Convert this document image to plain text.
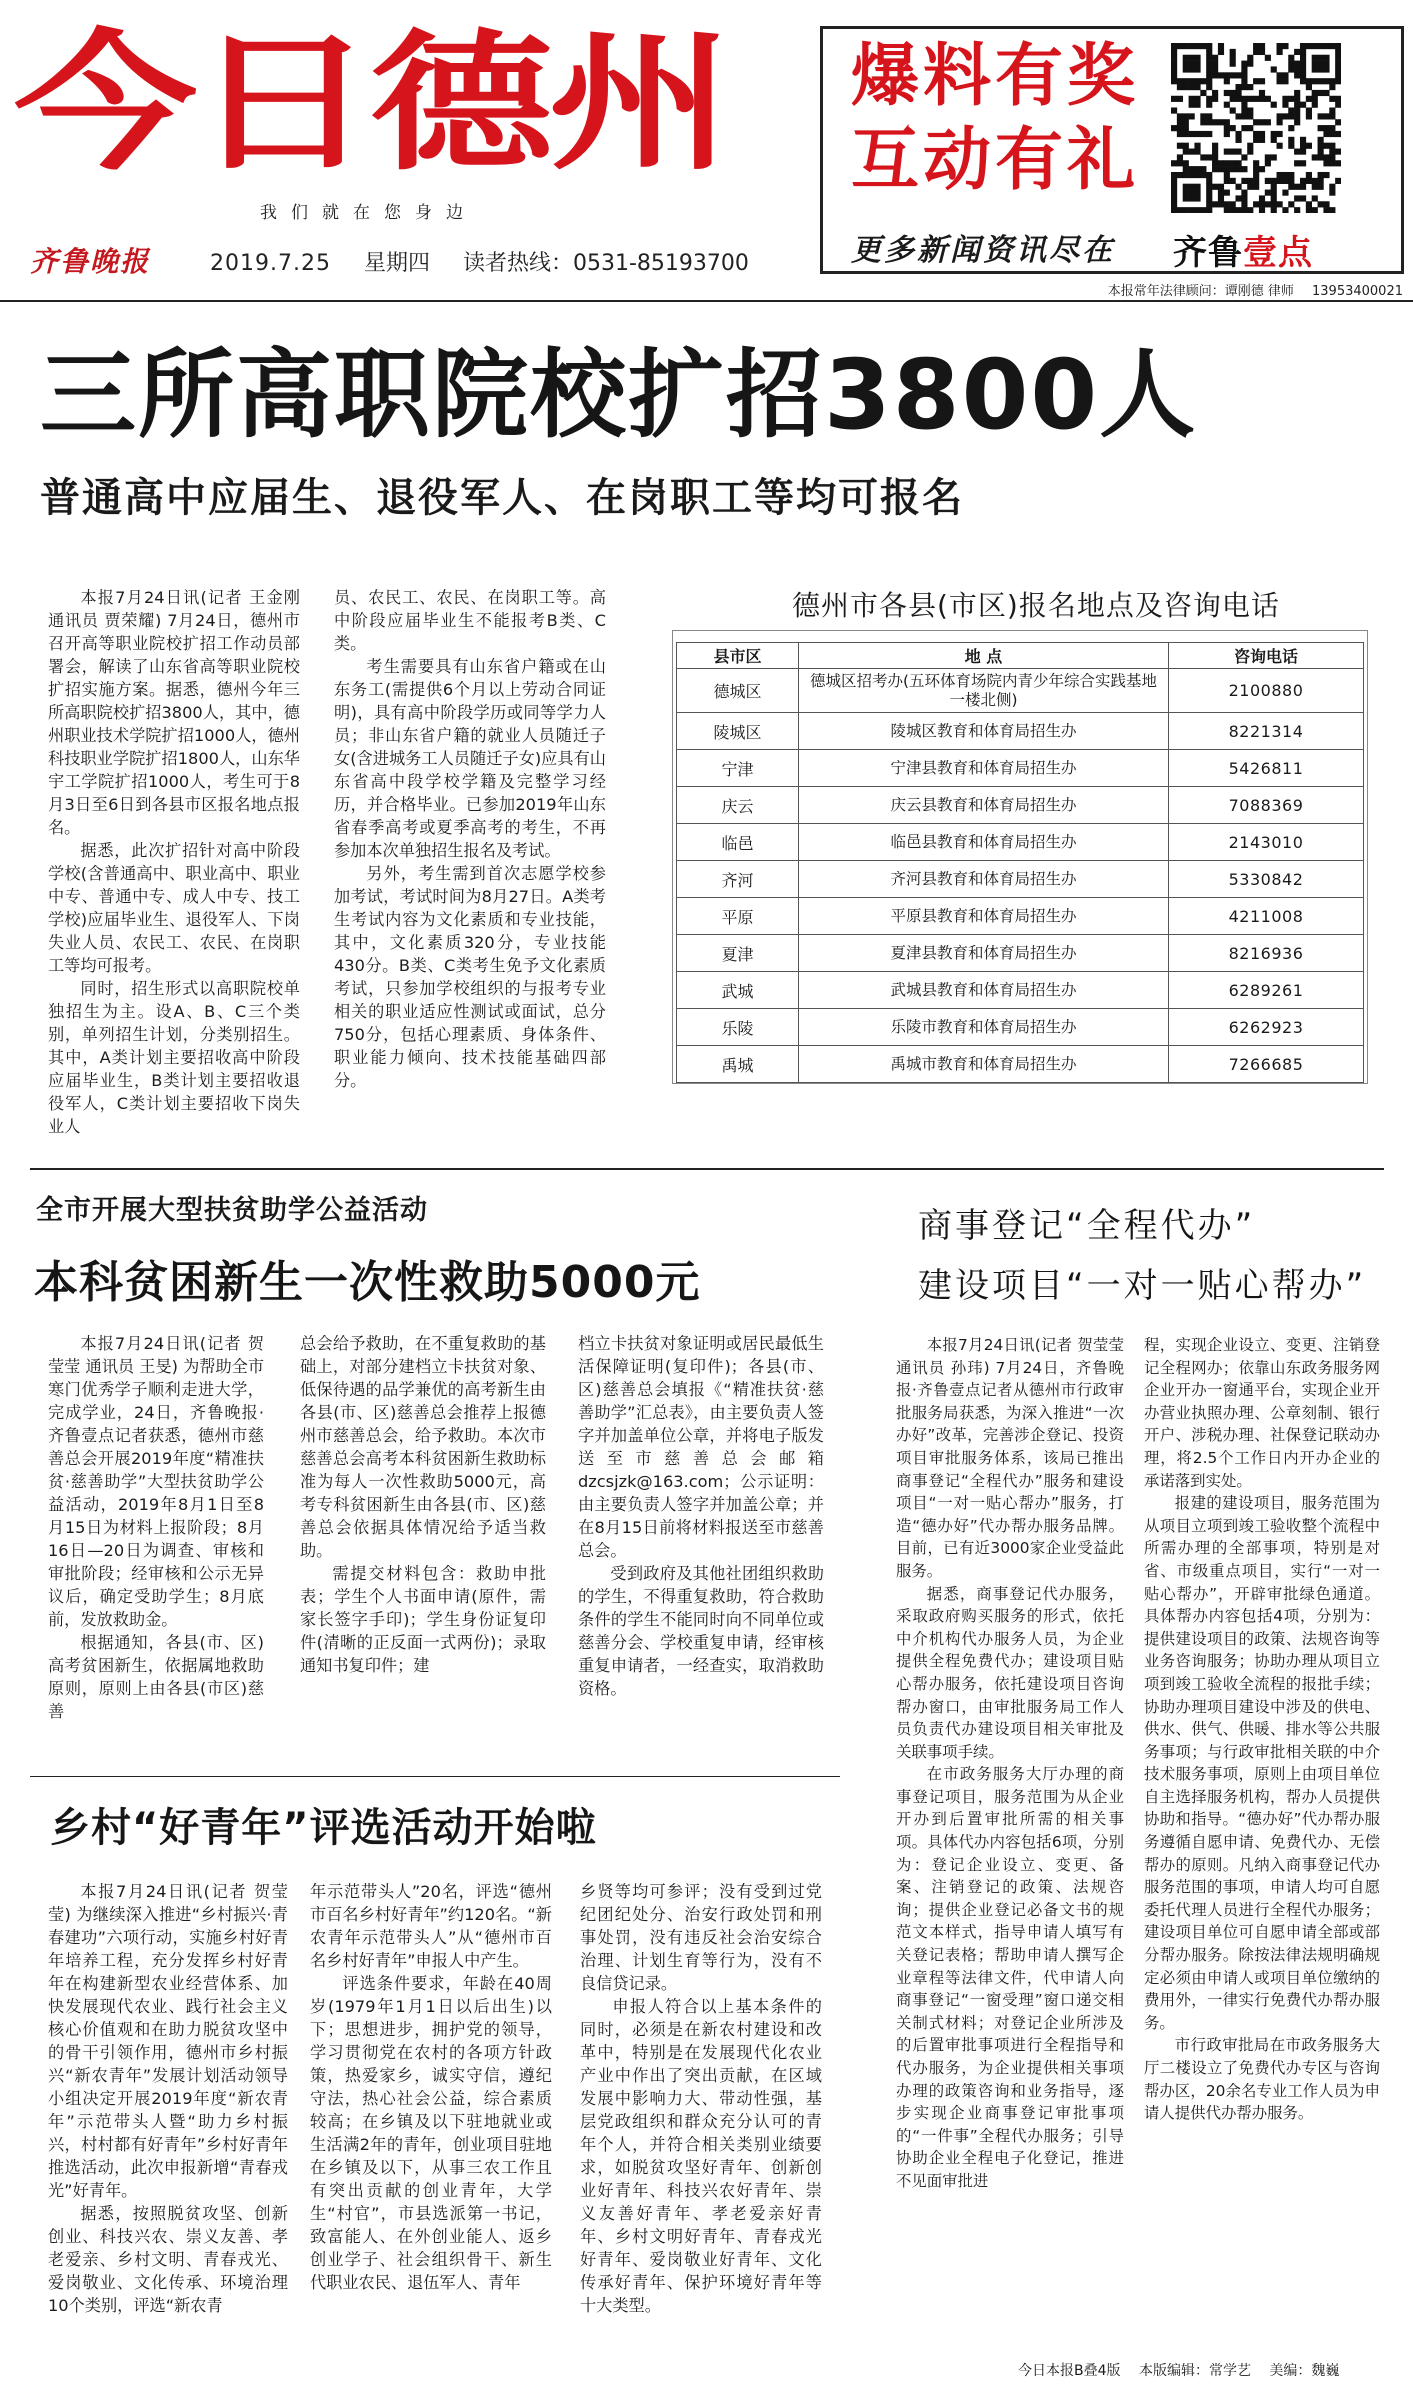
今日德州
我们就在您身边
齐鲁晚报	2019.7.25 星期四 读者热线：0531-85193700
爆料有奖
互动有礼
更多新闻资讯尽在 齐鲁壹点
本报常年法律顾问：谭刚德 律师 13953400021
三所高职院校扩招3800人
普通高中应届生、退役军人、在岗职工等均可报名

本报7月24日讯(记者 王金刚 通讯员 贾荣耀) 7月24日，德州市召开高等职业院校扩招工作动员部署会，解读了山东省高等职业院校扩招实施方案。据悉，德州今年三所高职院校扩招3800人，其中，德州职业技术学院扩招1000人，德州科技职业学院扩招1800人，山东华宇工学院扩招1000人，考生可于8月3日至6日到各县市区报名地点报名。

据悉，此次扩招针对高中阶段学校(含普通高中、职业高中、职业中专、普通中专、成人中专、技工学校)应届毕业生、退役军人、下岗失业人员、农民工、农民、在岗职工等均可报考。

同时，招生形式以高职院校单独招生为主。设A、B、C三个类别，单列招生计划，分类别招生。其中，A类计划主要招收高中阶段应届毕业生，B类计划主要招收退役军人，C类计划主要招收下岗失业人

员、农民工、农民、在岗职工等。高中阶段应届毕业生不能报考B类、C类。

考生需要具有山东省户籍或在山东务工(需提供6个月以上劳动合同证明)，具有高中阶段学历或同等学力人员；非山东省户籍的就业人员随迁子女(含进城务工人员随迁子女)应具有山东省高中段学校学籍及完整学习经历，并合格毕业。已参加2019年山东省春季高考或夏季高考的考生，不再参加本次单独招生报名及考试。

另外，考生需到首次志愿学校参加考试，考试时间为8月27日。A类考生考试内容为文化素质和专业技能，其中，文化素质320分，专业技能430分。B类、C类考生免予文化素质考试，只参加学校组织的与报考专业相关的职业适应性测试或面试，总分750分，包括心理素质、身体条件、职业能力倾向、技术技能基础四部分。

德州市各县(市区)报名地点及咨询电话
县市区	地 点	咨询电话
德城区	德城区招考办(五环体育场院内青少年综合实践基地一楼北侧)	2100880
陵城区	陵城区教育和体育局招生办	8221314
宁津	宁津县教育和体育局招生办	5426811
庆云	庆云县教育和体育局招生办	7088369
临邑	临邑县教育和体育局招生办	2143010
齐河	齐河县教育和体育局招生办	5330842
平原	平原县教育和体育局招生办	4211008
夏津	夏津县教育和体育局招生办	8216936
武城	武城县教育和体育局招生办	6289261
乐陵	乐陵市教育和体育局招生办	6262923
禹城	禹城市教育和体育局招生办	7266685
全市开展大型扶贫助学公益活动
本科贫困新生一次性救助5000元

本报7月24日讯(记者 贺莹莹 通讯员 王旻) 为帮助全市寒门优秀学子顺利走进大学，完成学业，24日，齐鲁晚报·齐鲁壹点记者获悉，德州市慈善总会开展2019年度“精准扶贫·慈善助学”大型扶贫助学公益活动，2019年8月1日至8月15日为材料上报阶段；8月16日—20日为调查、审核和审批阶段；经审核和公示无异议后，确定受助学生；8月底前，发放救助金。

根据通知，各县(市、区)高考贫困新生，依据属地救助原则，原则上由各县(市区)慈善

总会给予救助，在不重复救助的基础上，对部分建档立卡扶贫对象、低保待遇的品学兼优的高考新生由各县(市、区)慈善总会推荐上报德州市慈善总会，给予救助。本次市慈善总会高考本科贫困新生救助标准为每人一次性救助5000元，高考专科贫困新生由各县(市、区)慈善总会依据具体情况给予适当救助。

需提交材料包含：救助申批表；学生个人书面申请(原件，需家长签字手印)；学生身份证复印件(清晰的正反面一式两份)；录取通知书复印件；建

档立卡扶贫对象证明或居民最低生活保障证明(复印件)；各县(市、区)慈善总会填报《“精准扶贫·慈善助学”汇总表》，由主要负责人签字并加盖单位公章，并将电子版发送至市慈善总会邮箱dzcsjzk@163.com；公示证明：由主要负责人签字并加盖公章；并在8月15日前将材料报送至市慈善总会。

受到政府及其他社团组织救助的学生，不得重复救助，符合救助条件的学生不能同时向不同单位或慈善分会、学校重复申请，经审核重复申请者，一经查实，取消救助资格。

乡村“好青年”评选活动开始啦

本报7月24日讯(记者 贺莹莹) 为继续深入推进“乡村振兴·青春建功”六项行动，实施乡村好青年培养工程，充分发挥乡村好青年在构建新型农业经营体系、加快发展现代农业、践行社会主义核心价值观和在助力脱贫攻坚中的骨干引领作用，德州市乡村振兴“新农青年”发展计划活动领导小组决定开展2019年度“新农青年”示范带头人暨“助力乡村振兴，村村都有好青年”乡村好青年推选活动，此次申报新增“青春戎光”好青年。

据悉，按照脱贫攻坚、创新创业、科技兴农、崇义友善、孝老爱亲、乡村文明、青春戎光、爱岗敬业、文化传承、环境治理10个类别，评选“新农青

年示范带头人”20名，评选“德州市百名乡村好青年”约120名。“新农青年示范带头人”从“德州市百名乡村好青年”申报人中产生。

评选条件要求，年龄在40周岁(1979年1月1日以后出生)以下；思想进步，拥护党的领导，学习贯彻党在农村的各项方针政策，热爱家乡，诚实守信，遵纪守法，热心社会公益，综合素质较高；在乡镇及以下驻地就业或生活满2年的青年，创业项目驻地在乡镇及以下，从事三农工作且有突出贡献的创业青年，大学生“村官”，市县选派第一书记，致富能人、在外创业能人、返乡创业学子、社会组织骨干、新生代职业农民、退伍军人、青年

乡贤等均可参评；没有受到过党纪团纪处分、治安行政处罚和刑事处罚，没有违反社会治安综合治理、计划生育等行为，没有不良信贷记录。

申报人符合以上基本条件的同时，必须是在新农村建设和改革中，特别是在发展现代化农业产业中作出了突出贡献，在区域发展中影响力大、带动性强，基层党政组织和群众充分认可的青年个人，并符合相关类别业绩要求，如脱贫攻坚好青年、创新创业好青年、科技兴农好青年、崇义友善好青年、孝老爱亲好青年、乡村文明好青年、青春戎光好青年、爱岗敬业好青年、文化传承好青年、保护环境好青年等十大类型。

商事登记“全程代办”
建设项目“一对一贴心帮办”

本报7月24日讯(记者 贺莹莹 通讯员 孙玮) 7月24日，齐鲁晚报·齐鲁壹点记者从德州市行政审批服务局获悉，为深入推进“一次办好”改革，完善涉企登记、投资项目审批服务体系，该局已推出商事登记“全程代办”服务和建设项目“一对一贴心帮办”服务，打造“德办好”代办帮办服务品牌。目前，已有近3000家企业受益此服务。

据悉，商事登记代办服务，采取政府购买服务的形式，依托中介机构代办服务人员，为企业提供全程免费代办；建设项目贴心帮办服务，依托建设项目咨询帮办窗口，由审批服务局工作人员负责代办建设项目相关审批及关联事项手续。

在市政务服务大厅办理的商事登记项目，服务范围为从企业开办到后置审批所需的相关事项。具体代办内容包括6项，分别为：登记企业设立、变更、备案、注销登记的政策、法规咨询；提供企业登记必备文书的规范文本样式，指导申请人填写有关登记表格；帮助申请人撰写企业章程等法律文件，代申请人向商事登记“一窗受理”窗口递交相关制式材料；对登记企业所涉及的后置审批事项进行全程指导和代办服务，为企业提供相关事项办理的政策咨询和业务指导，逐步实现企业商事登记审批事项的“一件事”全程代办服务；引导协助企业全程电子化登记，推进不见面审批进

程，实现企业设立、变更、注销登记全程网办；依靠山东政务服务网企业开办一窗通平台，实现企业开办营业执照办理、公章刻制、银行开户、涉税办理、社保登记联动办理，将2.5个工作日内开办企业的承诺落到实处。

报建的建设项目，服务范围为从项目立项到竣工验收整个流程中所需办理的全部事项，特别是对省、市级重点项目，实行“一对一贴心帮办”，开辟审批绿色通道。具体帮办内容包括4项，分别为：提供建设项目的政策、法规咨询等业务咨询服务；协助办理从项目立项到竣工验收全流程的报批手续；协助办理项目建设中涉及的供电、供水、供气、供暖、排水等公共服务事项；与行政审批相关联的中介技术服务事项，原则上由项目单位自主选择服务机构，帮办人员提供协助和指导。“德办好”代办帮办服务遵循自愿申请、免费代办、无偿帮办的原则。凡纳入商事登记代办服务范围的事项，申请人均可自愿委托代理人员进行全程代办服务；建设项目单位可自愿申请全部或部分帮办服务。除按法律法规明确规定必须由申请人或项目单位缴纳的费用外，一律实行免费代办帮办服务。

市行政审批局在市政务服务大厅二楼设立了免费代办专区与咨询帮办区，20余名专业工作人员为申请人提供代办帮办服务。

今日本报B叠4版 本版编辑：常学艺 美编：魏巍
